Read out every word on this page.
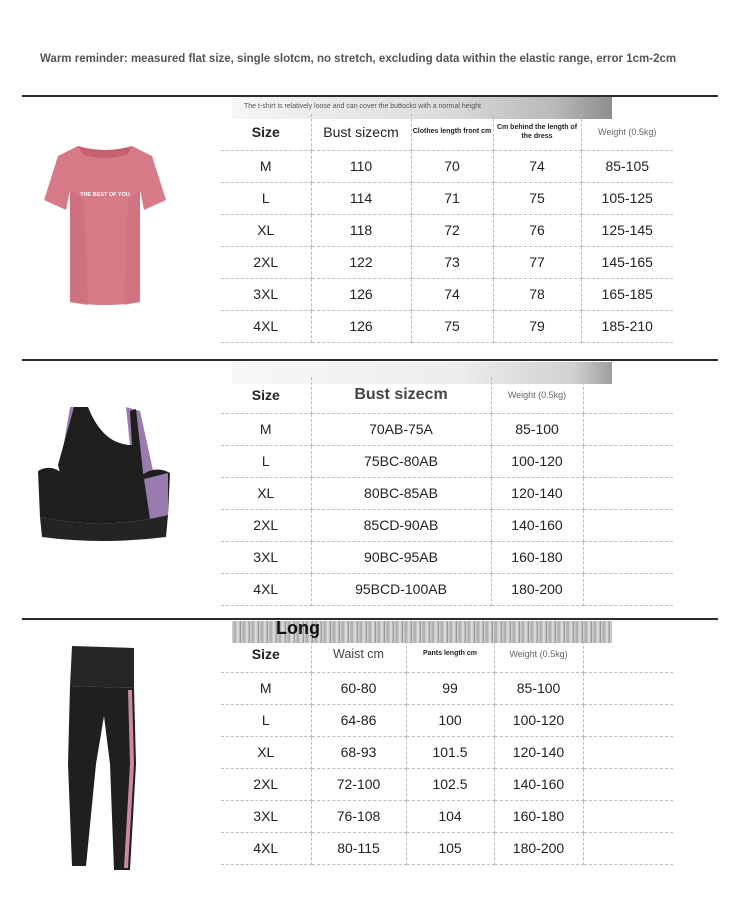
Warm reminder: measured flat size, single slotcm, no stretch, excluding data within the elastic range, error 1cm-2cm
The t-shirt is relatively loose and can cover the buttocks with a normal height
THE BEST OF YOU
Size	Bust sizecm	Clothes length front cm	Cm behind the length of the dress	Weight (0.5kg)
M	110	70	74	85-105
L	114	71	75	105-125
XL	118	72	76	125-145
2XL	122	73	77	145-165
3XL	126	74	78	165-185
4XL	126	75	79	185-210
Size	Bust sizecm	Weight (0.5kg)	
M	70AB-75A	85-100	
L	75BC-80AB	100-120	
XL	80BC-85AB	120-140	
2XL	85CD-90AB	140-160	
3XL	90BC-95AB	160-180	
4XL	95BCD-100AB	180-200	
Long
Size	Waist cm	Pants length cm	Weight (0.5kg)	
M	60-80	99	85-100	
L	64-86	100	100-120	
XL	68-93	101.5	120-140	
2XL	72-100	102.5	140-160	
3XL	76-108	104	160-180	
4XL	80-115	105	180-200	
